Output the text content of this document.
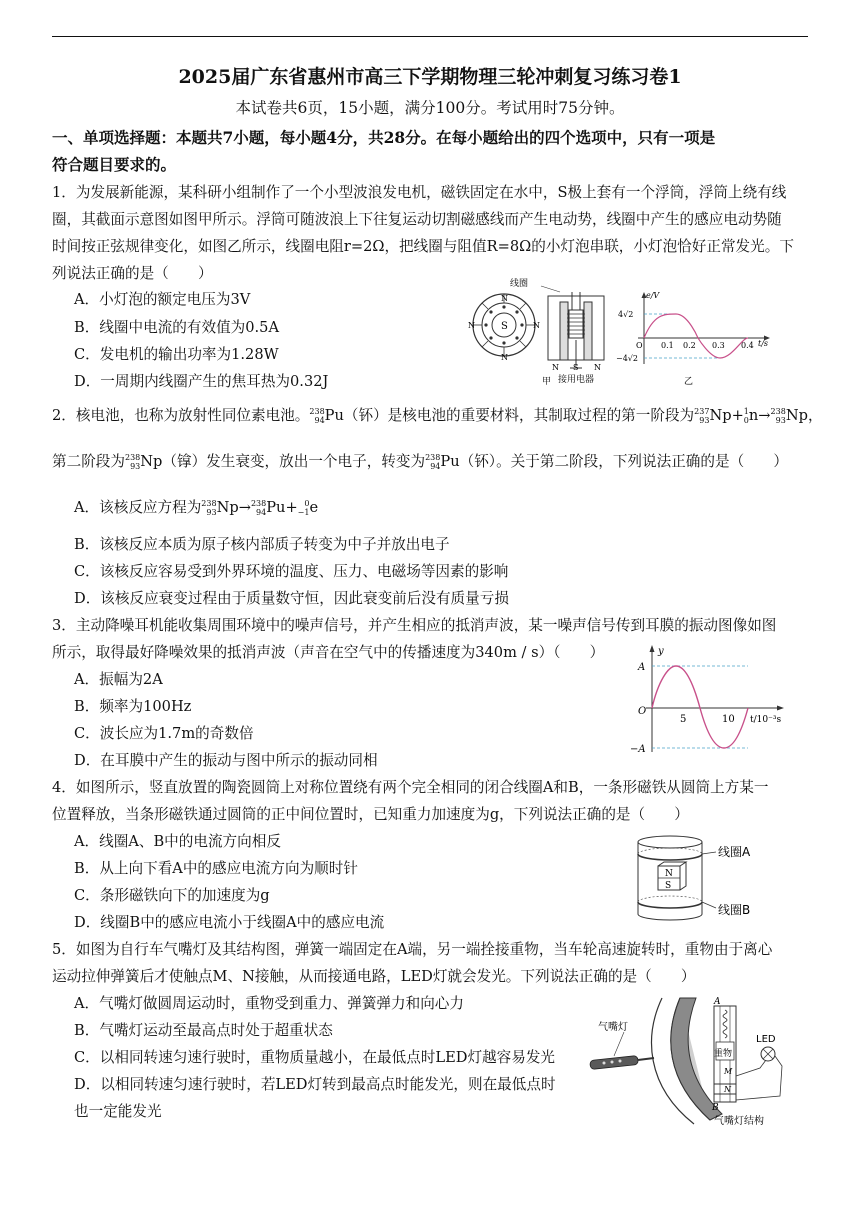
2025届广东省惠州市高三下学期物理三轮冲刺复习练习卷1
本试卷共6页，15小题，满分100分。考试用时75分钟。
一、单项选择题：本题共7小题，每小题4分，共28分。在每小题给出的四个选项中，只有一项是
符合题目要求的。
1．为发展新能源，某科研小组制作了一个小型波浪发电机，磁铁固定在水中，S极上套有一个浮筒，浮筒上绕有线
圈，其截面示意图如图甲所示。浮筒可随波浪上下往复运动切割磁感线而产生电动势，线圈中产生的感应电动势随
时间按正弦规律变化，如图乙所示，线圈电阻r=2Ω，把线圈与阻值R=8Ω的小灯泡串联，小灯泡恰好正常发光。下
列说法正确的是（　　）
A．小灯泡的额定电压为3V
B．线圈中电流的有效值为0.5A
C．发电机的输出功率为1.28W
D．一周期内线圈产生的焦耳热为0.32J
S
N
N	N
N
线圈
N S N
接用电器
甲
e/V
4√2
−4√2
O 0.1 0.2 0.3 0.4 t/s
乙
2．核电池，也称为放射性同位素电池。238
94Pu（钚）是核电池的重要材料，其制取过程的第一阶段为237
93Np+1
0n→238
93Np，
第二阶段为238
93Np（镎）发生衰变，放出一个电子，转变为238
94Pu（钚）。关于第二阶段，下列说法正确的是（　　）
A．该核反应方程为238
93Np→238
94Pu+ 0
−1e
B．该核反应本质为原子核内部质子转变为中子并放出电子
C．该核反应容易受到外界环境的温度、压力、电磁场等因素的影响
D．该核反应衰变过程由于质量数守恒，因此衰变前后没有质量亏损
3．主动降噪耳机能收集周围环境中的噪声信号，并产生相应的抵消声波，某一噪声信号传到耳膜的振动图像如图
所示，取得最好降噪效果的抵消声波（声音在空气中的传播速度为340m / s）（　　）
A．振幅为2A
B．频率为100Hz
C．波长应为1.7m的奇数倍
D．在耳膜中产生的振动与图中所示的振动同相
y
A
−A
O
5	10 t/10⁻³s
4．如图所示，竖直放置的陶瓷圆筒上对称位置绕有两个完全相同的闭合线圈A和B，一条形磁铁从圆筒上方某一
位置释放，当条形磁铁通过圆筒的正中间位置时，已知重力加速度为g，下列说法正确的是（　　）
A．线圈A、B中的电流方向相反
B．从上向下看A中的感应电流方向为顺时针
C．条形磁铁向下的加速度为g
D．线圈B中的感应电流小于线圈A中的感应电流
N
S
线圈A
线圈B
5．如图为自行车气嘴灯及其结构图，弹簧一端固定在A端，另一端拴接重物，当车轮高速旋转时，重物由于离心
运动拉伸弹簧后才使触点M、N接触，从而接通电路，LED灯就会发光。下列说法正确的是（　　）
A．气嘴灯做圆周运动时，重物受到重力、弹簧弹力和向心力
B．气嘴灯运动至最高点时处于超重状态
C．以相同转速匀速行驶时，重物质量越小，在最低点时LED灯越容易发光
D．以相同转速匀速行驶时，若LED灯转到最高点时能发光，则在最低点时
也一定能发光
气嘴灯
A
重物
M
N
B
LED
气嘴灯结构
